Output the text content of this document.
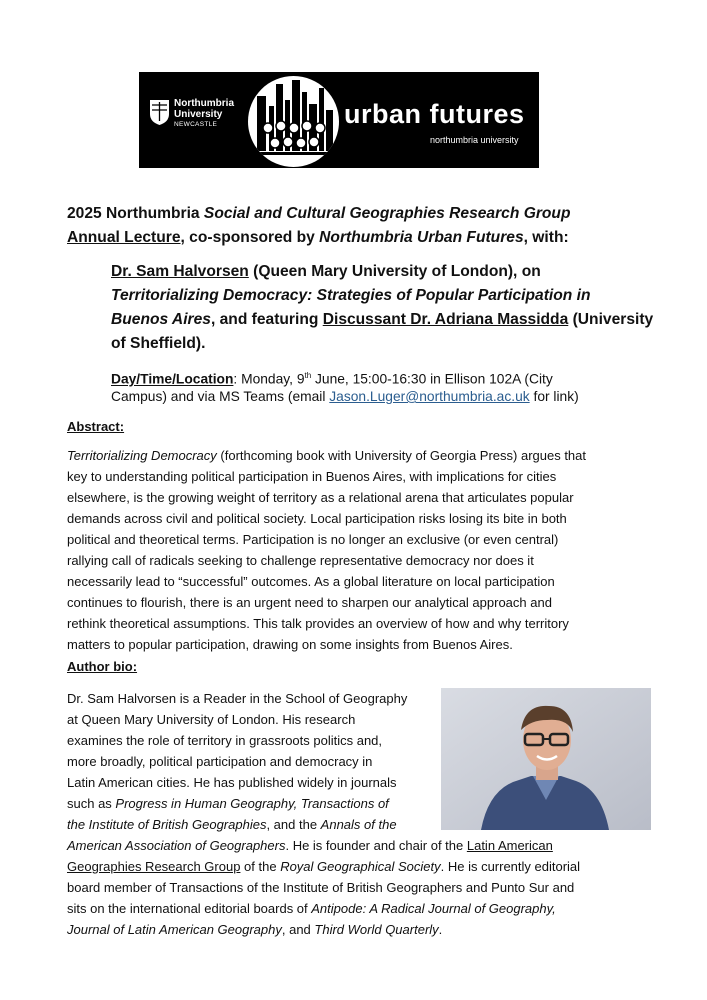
Northumbria
University
NEWCASTLE	urban futures
northumbria university
2025 Northumbria Social and Cultural Geographies Research Group
Annual Lecture, co-sponsored by Northumbria Urban Futures, with:
Dr. Sam Halvorsen (Queen Mary University of London), on
Territorializing Democracy: Strategies of Popular Participation in
Buenos Aires, and featuring Discussant Dr. Adriana Massidda (University
of Sheffield).
Day/Time/Location: Monday, 9th June, 15:00-16:30 in Ellison 102A (City
Campus) and via MS Teams (email Jason.Luger@northumbria.ac.uk for link)
Abstract:
Territorializing Democracy (forthcoming book with University of Georgia Press) argues that
key to understanding political participation in Buenos Aires, with implications for cities
elsewhere, is the growing weight of territory as a relational arena that articulates popular
demands across civil and political society. Local participation risks losing its bite in both
political and theoretical terms. Participation is no longer an exclusive (or even central)
rallying call of radicals seeking to challenge representative democracy nor does it
necessarily lead to “successful” outcomes. As a global literature on local participation
continues to flourish, there is an urgent need to sharpen our analytical approach and
rethink theoretical assumptions. This talk provides an overview of how and why territory
matters to popular participation, drawing on some insights from Buenos Aires.
Author bio:
Dr. Sam Halvorsen is a Reader in the School of Geography
at Queen Mary University of London. His research
examines the role of territory in grassroots politics and,
more broadly, political participation and democracy in
Latin American cities. He has published widely in journals
such as Progress in Human Geography, Transactions of
the Institute of British Geographies, and the Annals of the
American Association of Geographers. He is founder and chair of the Latin American
Geographies Research Group of the Royal Geographical Society. He is currently editorial
board member of Transactions of the Institute of British Geographers and Punto Sur and
sits on the international editorial boards of Antipode: A Radical Journal of Geography,
Journal of Latin American Geography, and Third World Quarterly.
